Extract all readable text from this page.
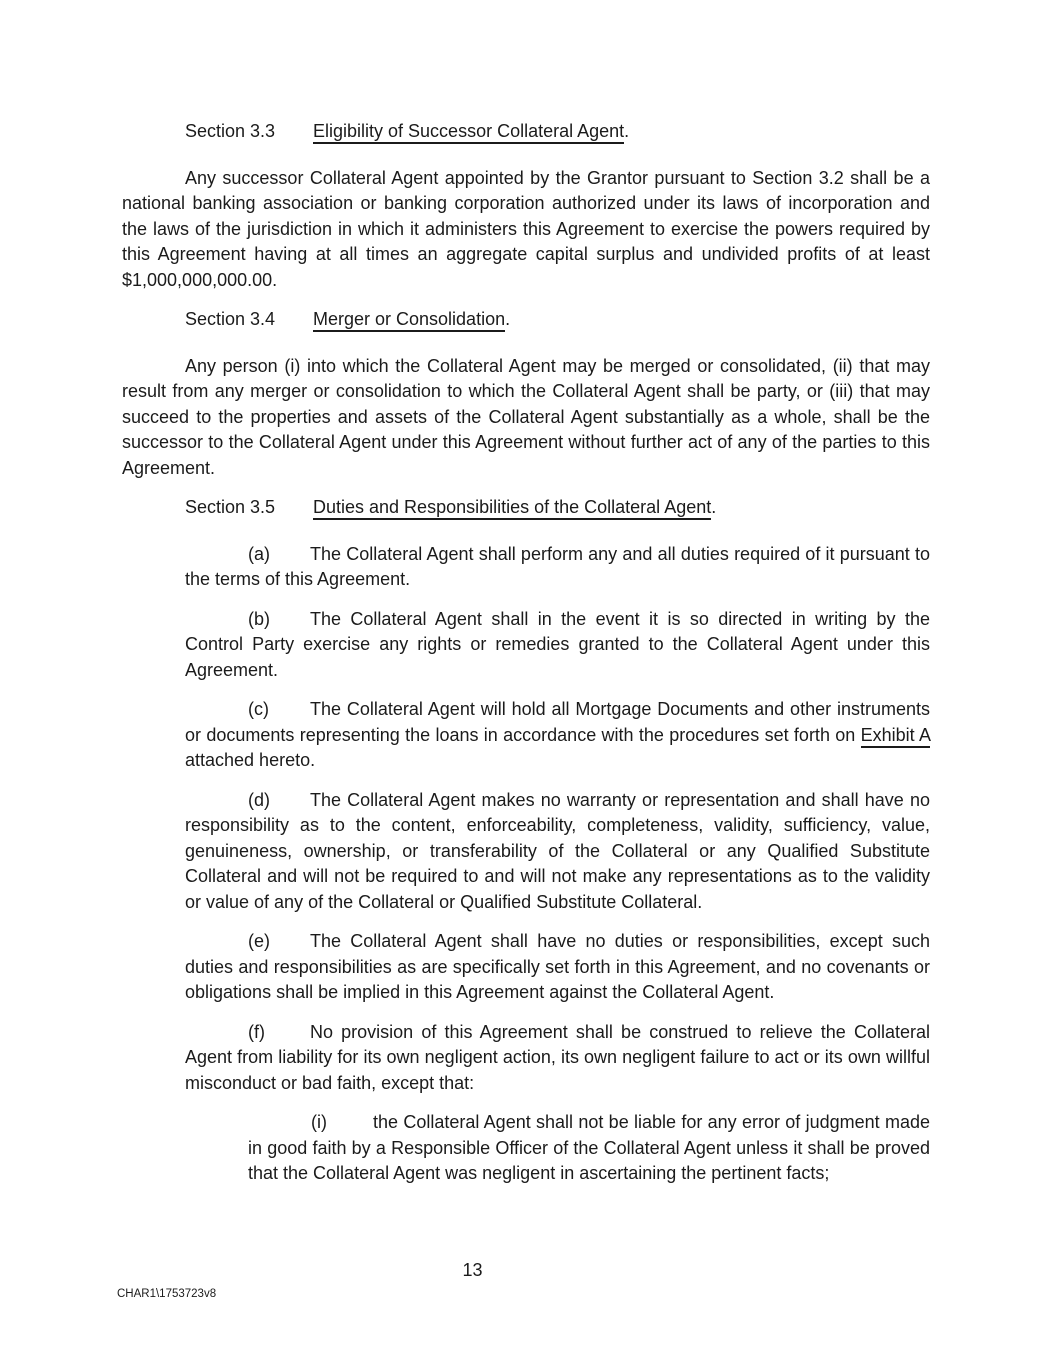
Section 3.3 Eligibility of Successor Collateral Agent.

Any successor Collateral Agent appointed by the Grantor pursuant to Section 3.2 shall be a national banking association or banking corporation authorized under its laws of incorporation and the laws of the jurisdiction in which it administers this Agreement to exercise the powers required by this Agreement having at all times an aggregate capital surplus and undivided profits of at least $1,000,000,000.00.

Section 3.4 Merger or Consolidation.

Any person (i) into which the Collateral Agent may be merged or consolidated, (ii) that may result from any merger or consolidation to which the Collateral Agent shall be party, or (iii) that may succeed to the properties and assets of the Collateral Agent substantially as a whole, shall be the successor to the Collateral Agent under this Agreement without further act of any of the parties to this Agreement.

Section 3.5 Duties and Responsibilities of the Collateral Agent.

(a) The Collateral Agent shall perform any and all duties required of it pursuant to the terms of this Agreement.

(b) The Collateral Agent shall in the event it is so directed in writing by the Control Party exercise any rights or remedies granted to the Collateral Agent under this Agreement.

(c) The Collateral Agent will hold all Mortgage Documents and other instruments or documents representing the loans in accordance with the procedures set forth on Exhibit A attached hereto.

(d) The Collateral Agent makes no warranty or representation and shall have no responsibility as to the content, enforceability, completeness, validity, sufficiency, value, genuineness, ownership, or transferability of the Collateral or any Qualified Substitute Collateral and will not be required to and will not make any representations as to the validity or value of any of the Collateral or Qualified Substitute Collateral.

(e) The Collateral Agent shall have no duties or responsibilities, except such duties and responsibilities as are specifically set forth in this Agreement, and no covenants or obligations shall be implied in this Agreement against the Collateral Agent.

(f)	No provision of this Agreement shall be construed to relieve the Collateral Agent from liability for its own negligent action, its own negligent failure to act or its own willful misconduct or bad faith, except that:

(i)	the Collateral Agent shall not be liable for any error of judgment made in good faith by a Responsible Officer of the Collateral Agent unless it shall be proved that the Collateral Agent was negligent in ascertaining the pertinent facts;

13
CHAR1\1753723v8
